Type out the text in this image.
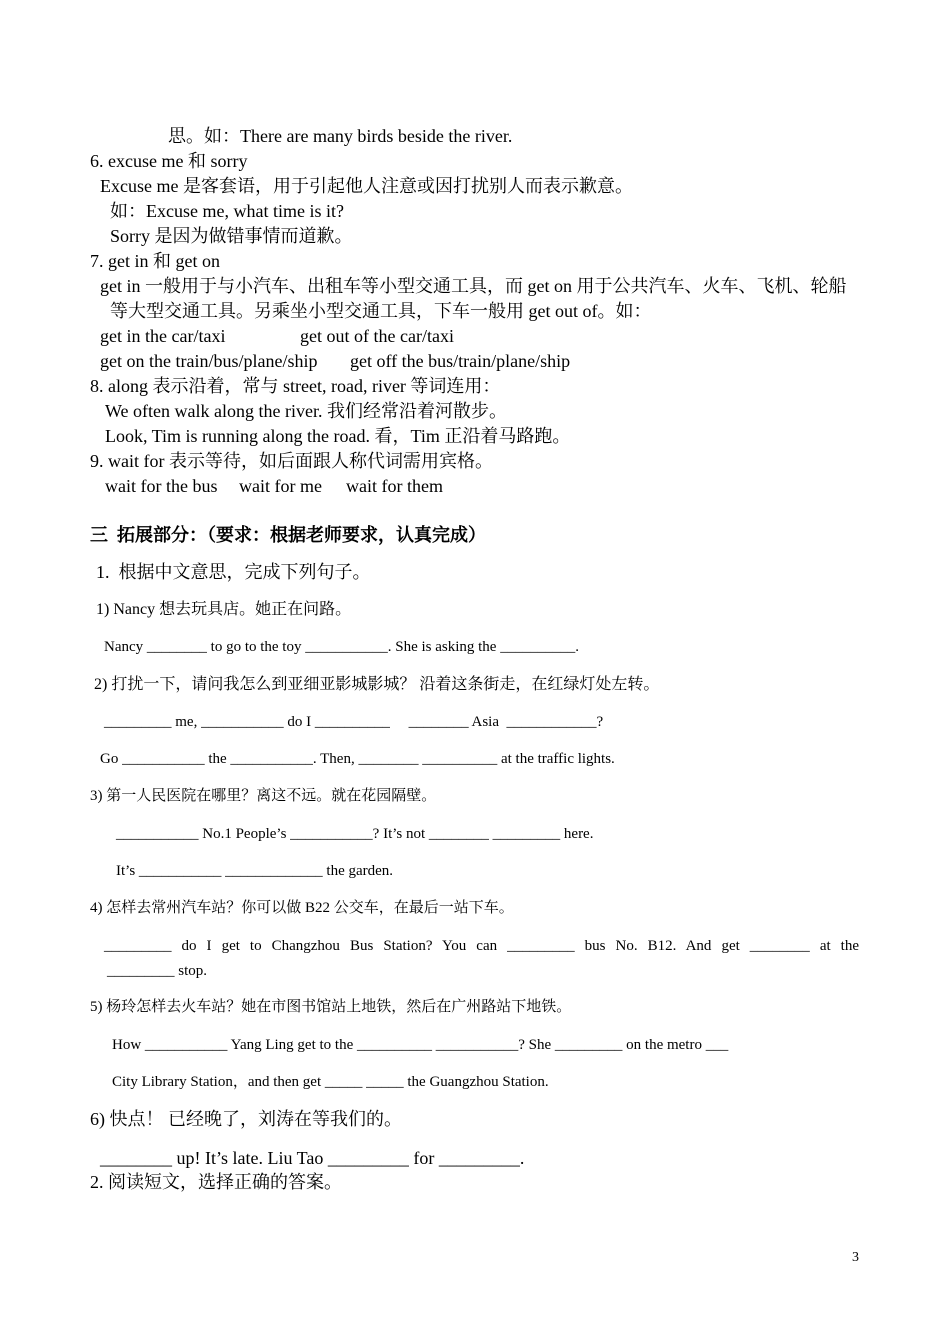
思。如：There are many birds beside the river.
6. excuse me 和 sorry
Excuse me 是客套语，用于引起他人注意或因打扰别人而表示歉意。
如：Excuse me, what time is it?
Sorry 是因为做错事情而道歉。
7. get in 和 get on
get in 一般用于与小汽车、出租车等小型交通工具，而 get on 用于公共汽车、火车、飞机、轮船
等大型交通工具。另乘坐小型交通工具，下车一般用 get out of。如：
get in the car/taxi	get out of the car/taxi
get on the train/bus/plane/ship get off the bus/train/plane/ship
8. along 表示沿着，常与 street, road, river 等词连用：
We often walk along the river. 我们经常沿着河散步。
Look, Tim is running along the road. 看，Tim 正沿着马路跑。
9. wait for 表示等待，如后面跟人称代词需用宾格。
wait for the bus wait for me wait for them
三  拓展部分：（要求：根据老师要求，认真完成）
1.  根据中文意思，完成下列句子。
1) Nancy 想去玩具店。她正在问路。
Nancy ________ to go to the toy ___________. She is asking the __________.
2) 打扰一下，请问我怎么到亚细亚影城影城？ 沿着这条街走，在红绿灯处左转。
_________ me, ___________ do I __________     ________ Asia  ____________?
Go ___________ the ___________. Then, ________ __________ at the traffic lights.
3) 第一人民医院在哪里？离这不远。就在花园隔壁。
___________ No.1 People’s ___________? It’s not ________ _________ here.
It’s ___________ _____________ the garden.
4) 怎样去常州汽车站？你可以做 B22 公交车，在最后一站下车。
_________ do I get to Changzhou Bus Station? You can _________ bus No. B12. And get ________ at the
_________ stop.
5) 杨玲怎样去火车站？她在市图书馆站上地铁，然后在广州路站下地铁。
How ___________ Yang Ling get to the __________ ___________? She _________ on the metro ___
City Library Station，and then get _____ _____ the Guangzhou Station.
6) 快点！ 已经晚了，刘涛在等我们的。
________ up! It’s late. Liu Tao _________ for _________.
2. 阅读短文，选择正确的答案。
3
